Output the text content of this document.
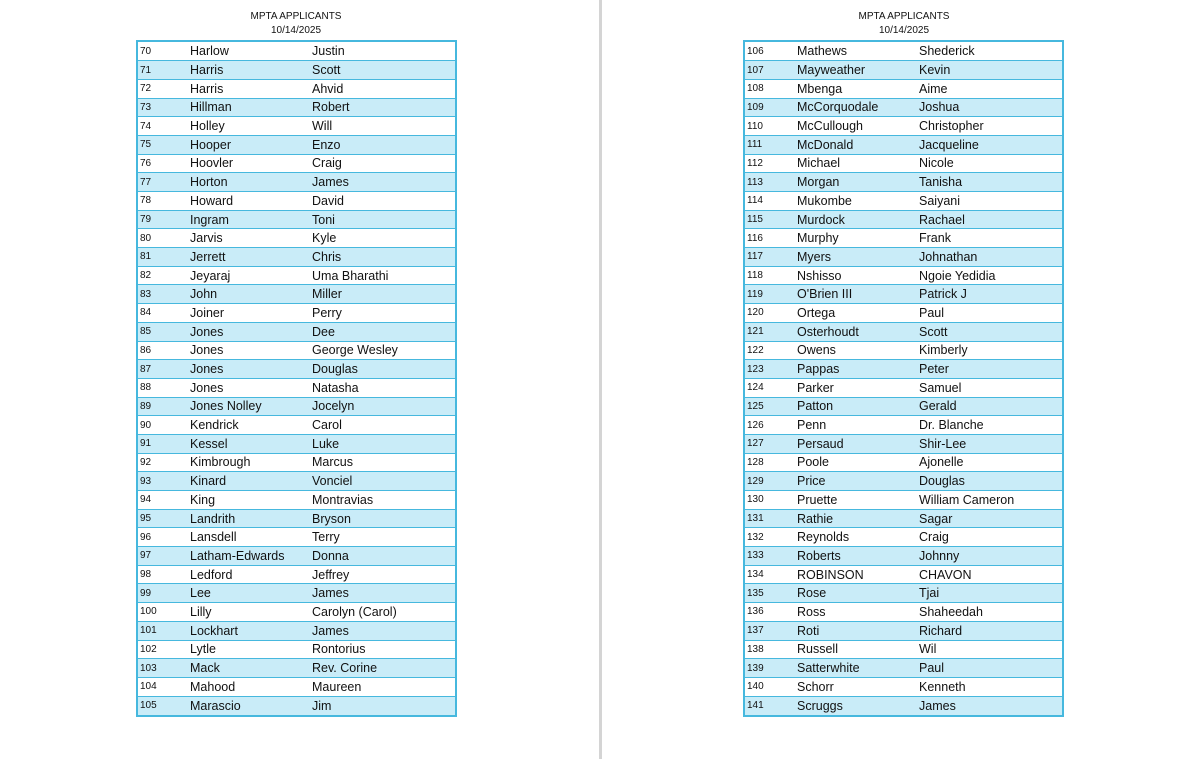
MPTA APPLICANTS
10/14/2025
70	Harlow	Justin
71	Harris	Scott
72	Harris	Ahvid
73	Hillman	Robert
74	Holley	Will
75	Hooper	Enzo
76	Hoovler	Craig
77	Horton	James
78	Howard	David
79	Ingram	Toni
80	Jarvis	Kyle
81	Jerrett	Chris
82	Jeyaraj	Uma Bharathi
83	John	Miller
84	Joiner	Perry
85	Jones	Dee
86	Jones	George Wesley
87	Jones	Douglas
88	Jones	Natasha
89	Jones Nolley	Jocelyn
90	Kendrick	Carol
91	Kessel	Luke
92	Kimbrough	Marcus
93	Kinard	Vonciel
94	King	Montravias
95	Landrith	Bryson
96	Lansdell	Terry
97	Latham-Edwards	Donna
98	Ledford	Jeffrey
99	Lee	James
100	Lilly	Carolyn (Carol)
101	Lockhart	James
102	Lytle	Rontorius
103	Mack	Rev. Corine
104	Mahood	Maureen
105	Marascio	Jim
MPTA APPLICANTS
10/14/2025
106	Mathews	Shederick
107	Mayweather	Kevin
108	Mbenga	Aime
109	McCorquodale	Joshua
110	McCullough	Christopher
111	McDonald	Jacqueline
112	Michael	Nicole
113	Morgan	Tanisha
114	Mukombe	Saiyani
115	Murdock	Rachael
116	Murphy	Frank
117	Myers	Johnathan
118	Nshisso	Ngoie Yedidia
119	O'Brien III	Patrick J
120	Ortega	Paul
121	Osterhoudt	Scott
122	Owens	Kimberly
123	Pappas	Peter
124	Parker	Samuel
125	Patton	Gerald
126	Penn	Dr. Blanche
127	Persaud	Shir-Lee
128	Poole	Ajonelle
129	Price	Douglas
130	Pruette	William Cameron
131	Rathie	Sagar
132	Reynolds	Craig
133	Roberts	Johnny
134	ROBINSON	CHAVON
135	Rose	Tjai
136	Ross	Shaheedah
137	Roti	Richard
138	Russell	Wil
139	Satterwhite	Paul
140	Schorr	Kenneth
141	Scruggs	James
